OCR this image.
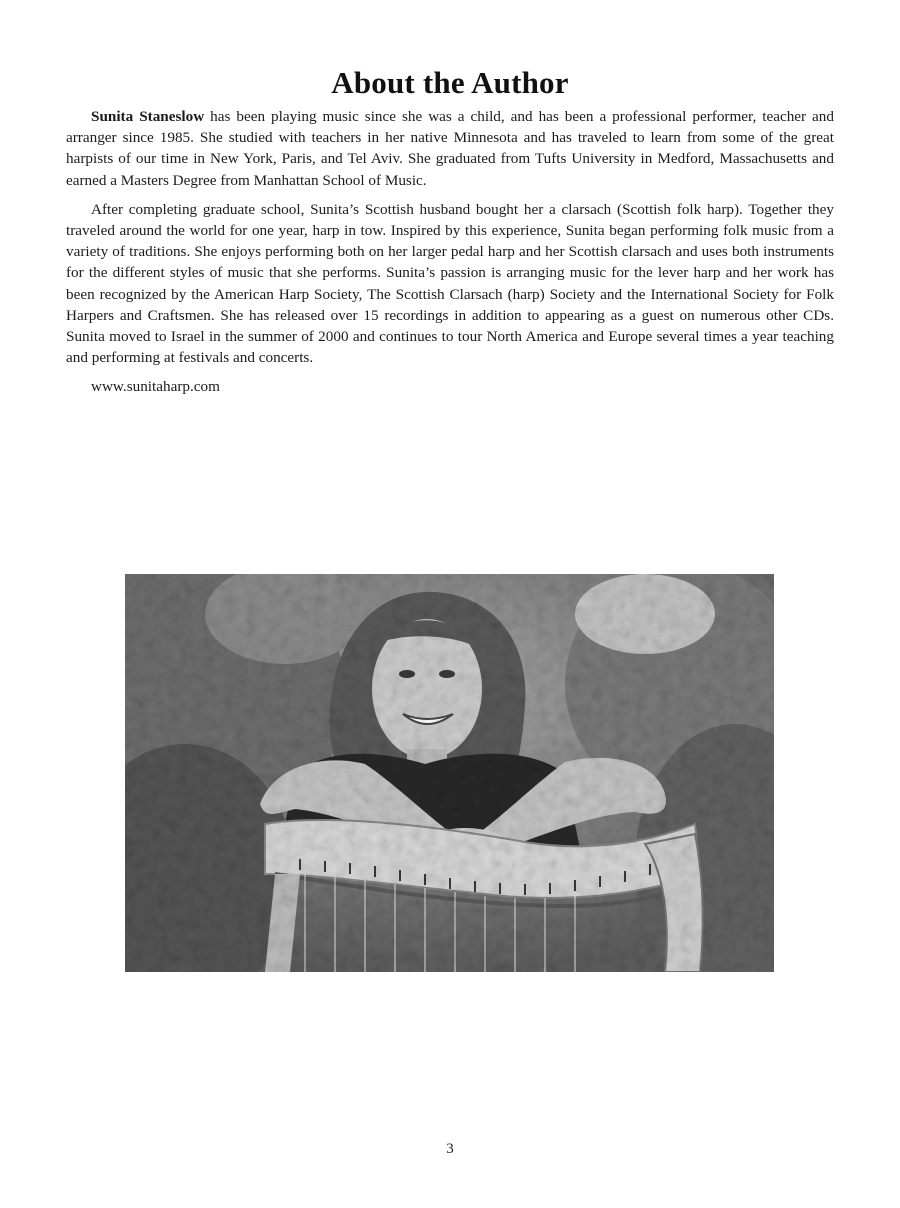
About the Author

Sunita Staneslow has been playing music since she was a child, and has been a professional performer, teacher and arranger since 1985. She studied with teachers in her native Minnesota and has traveled to learn from some of the great harpists of our time in New York, Paris, and Tel Aviv. She graduated from Tufts University in Medford, Massachusetts and earned a Masters Degree from Manhattan School of Music.

After completing graduate school, Sunita’s Scottish husband bought her a clarsach (Scottish folk harp). Together they traveled around the world for one year, harp in tow. Inspired by this experience, Sunita began performing folk music from a variety of traditions. She enjoys performing both on her larger pedal harp and her Scottish clarsach and uses both instruments for the different styles of music that she performs. Sunita’s passion is arranging music for the lever harp and her work has been recognized by the American Harp Society, The Scottish Clarsach (harp) Society and the International Society for Folk Harpers and Craftsmen. She has released over 15 recordings in addition to appearing as a guest on numerous other CDs. Sunita moved to Israel in the summer of 2000 and continues to tour North America and Europe several times a year teaching and performing at festivals and concerts.

www.sunitaharp.com

3
